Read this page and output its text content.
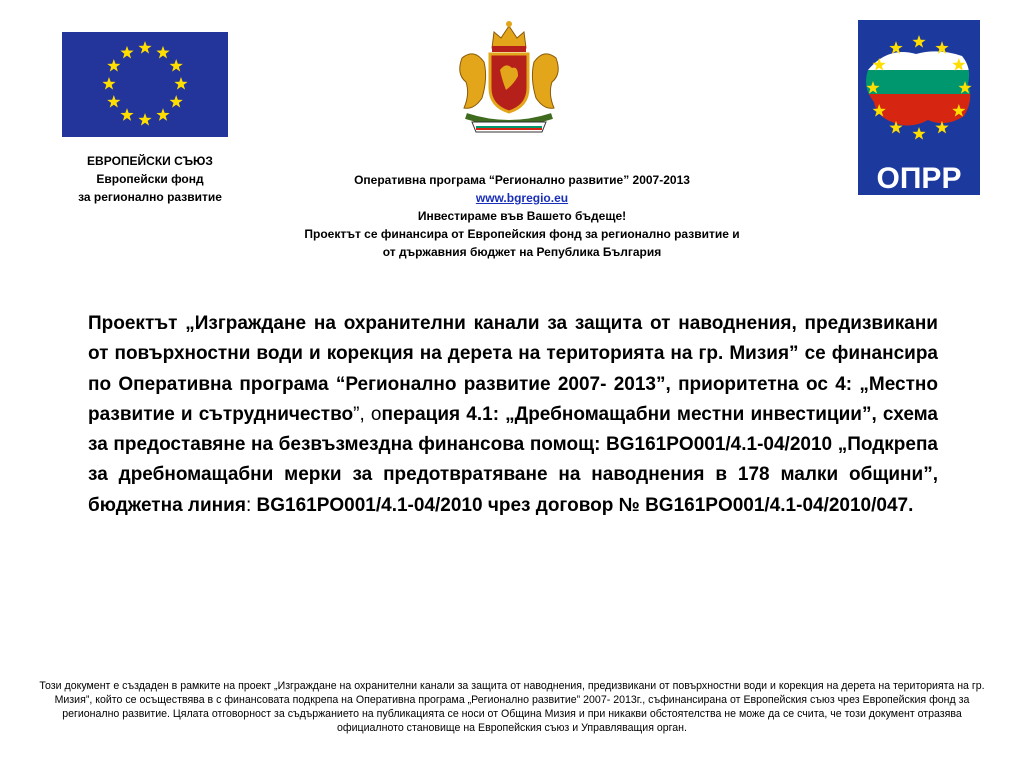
ОПРР
ЕВРОПЕЙСКИ СЪЮЗ
Европейски фонд
за регионално развитие
Оперативна програма “Регионално развитие” 2007-2013
www.bgregio.eu
Инвестираме във Вашето бъдеще!
Проектът се финансира от Европейския фонд за регионално развитие и
от държавния бюджет на Република България
Проектът „Изграждане на охранителни канали за защита от наводнения, предизвикани от повърхностни води и корекция на дерета на територията на гр. Мизия” се финансира по Оперативна програма “Регионално развитие 2007- 2013”, приоритетна ос 4: „Местно развитие и сътрудничество”, операция 4.1: „Дребномащабни местни инвестиции”, схема за предоставяне на безвъзмездна финансова помощ: BG161PO001/4.1-04/2010 „Подкрепа за дребномащабни мерки за предотвратяване на наводнения в 178 малки общини”, бюджетна линия: BG161PO001/4.1-04/2010 чрез договор № BG161PO001/4.1-04/2010/047.
Този документ е създаден в рамките на проект „Изграждане на охранителни канали за защита от наводнения, предизвикани от повърхностни води и корекция на дерета на територията на гр. Мизия”, който се осъществява в с финансовата подкрепа на Оперативна програма „Регионално развитие” 2007- 2013г., съфинансирана от Европейския съюз чрез Европейския фонд за регионално развитие. Цялата отговорност за съдържанието на публикацията се носи от Община Мизия и при никакви обстоятелства не може да се счита, че този документ отразява официалното становище на Европейския съюз и Управляващия орган.
